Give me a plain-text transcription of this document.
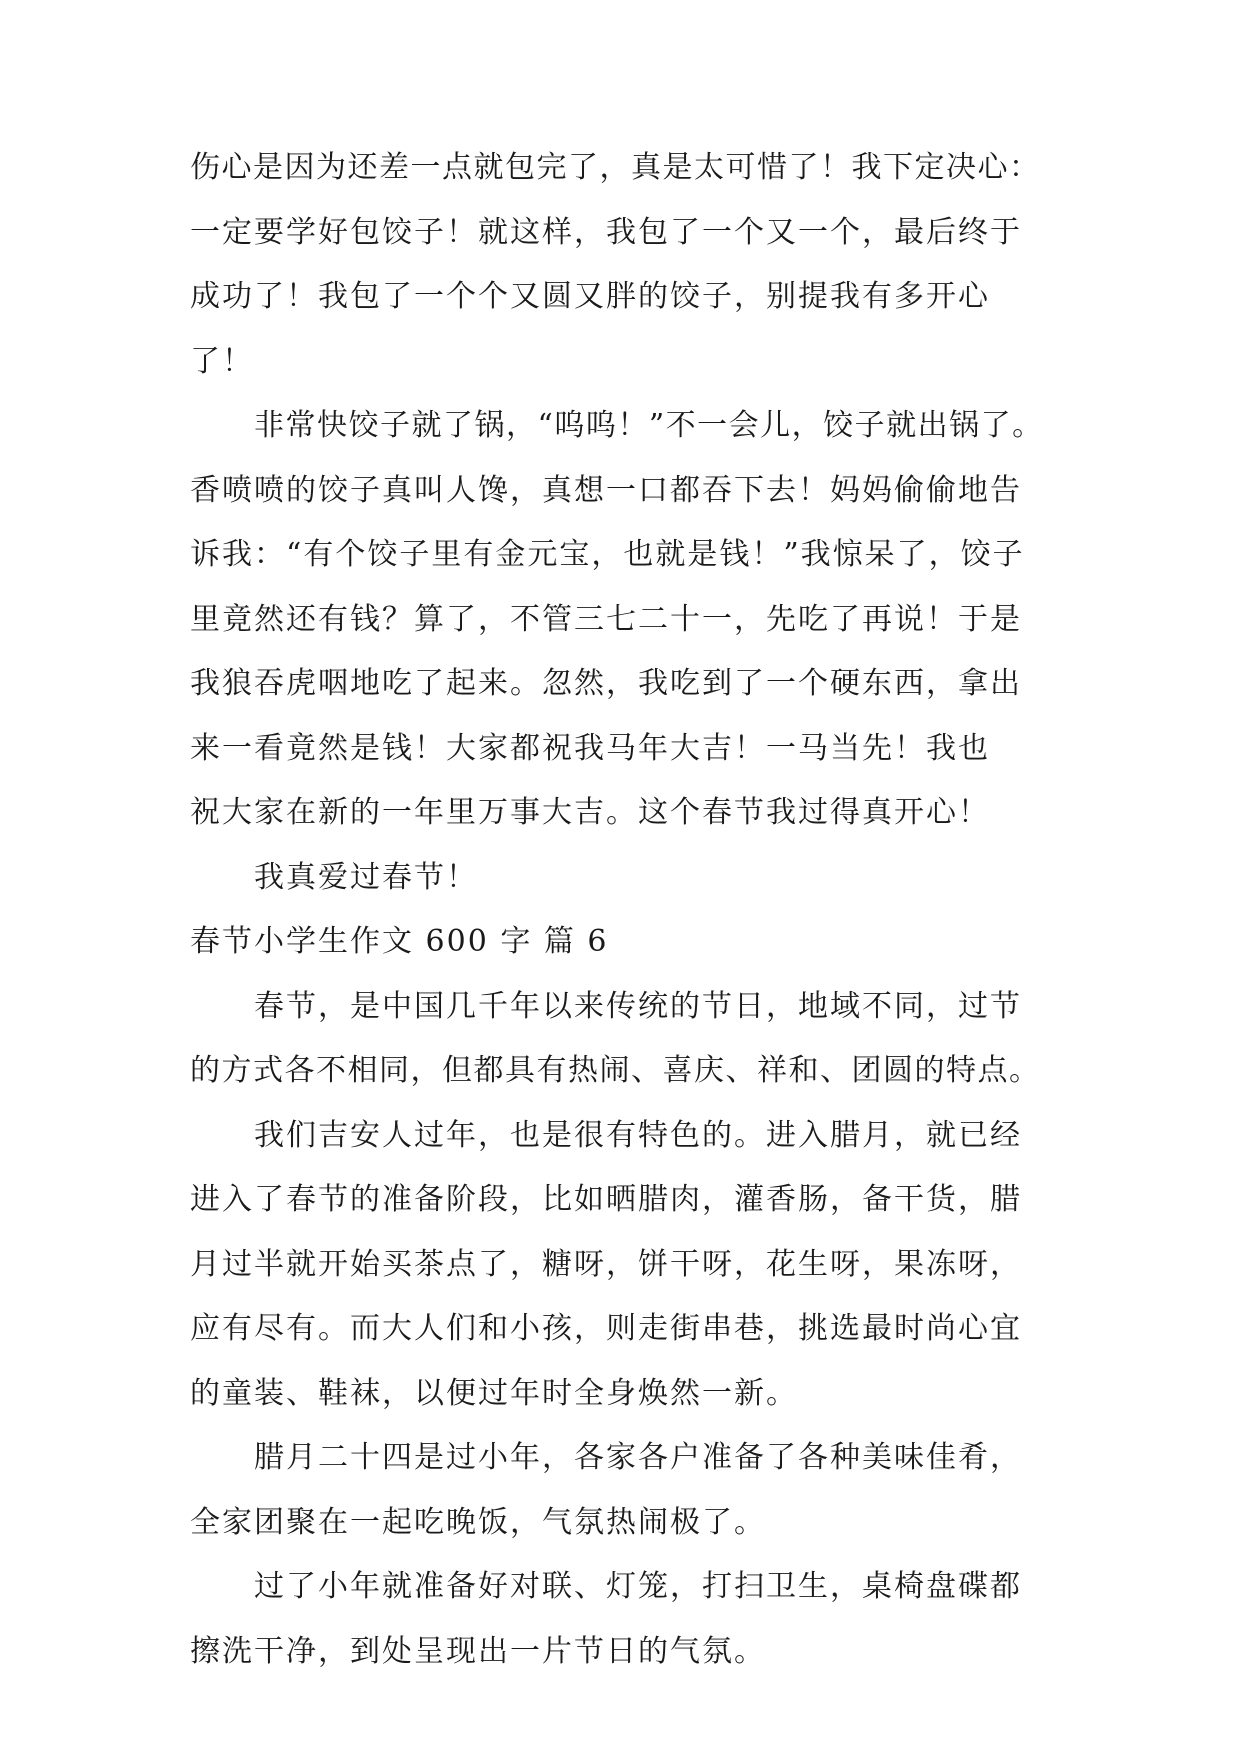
伤心是因为还差一点就包完了，真是太可惜了！我下定决心：
一定要学好包饺子！就这样，我包了一个又一个，最后终于
成功了！我包了一个个又圆又胖的饺子，别提我有多开心
了！
非常快饺子就了锅，“呜呜！”不一会儿，饺子就出锅了。
香喷喷的饺子真叫人馋，真想一口都吞下去！妈妈偷偷地告
诉我：“有个饺子里有金元宝，也就是钱！”我惊呆了，饺子
里竟然还有钱？算了，不管三七二十一，先吃了再说！于是
我狼吞虎咽地吃了起来。忽然，我吃到了一个硬东西，拿出
来一看竟然是钱！大家都祝我马年大吉！一马当先！我也
祝大家在新的一年里万事大吉。这个春节我过得真开心！
我真爱过春节！
春节小学生作文 600 字 篇 6
春节，是中国几千年以来传统的节日，地域不同，过节
的方式各不相同，但都具有热闹、喜庆、祥和、团圆的特点。
我们吉安人过年，也是很有特色的。进入腊月，就已经
进入了春节的准备阶段，比如晒腊肉，灌香肠，备干货，腊
月过半就开始买茶点了，糖呀，饼干呀，花生呀，果冻呀，
应有尽有。而大人们和小孩，则走街串巷，挑选最时尚心宜
的童装、鞋袜，以便过年时全身焕然一新。
腊月二十四是过小年，各家各户准备了各种美味佳肴，
全家团聚在一起吃晚饭，气氛热闹极了。
过了小年就准备好对联、灯笼，打扫卫生，桌椅盘碟都
擦洗干净，到处呈现出一片节日的气氛。
